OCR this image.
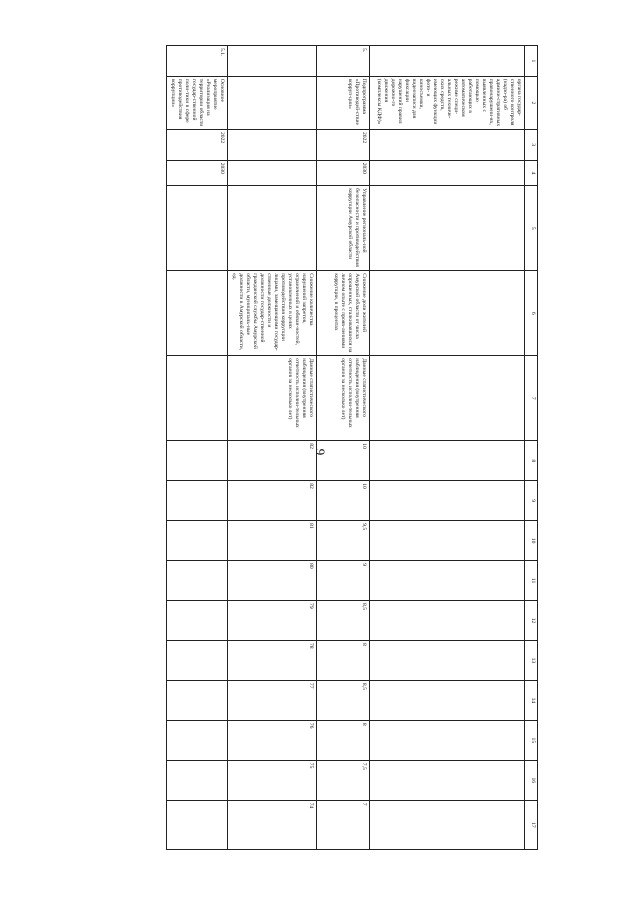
9
1	2	3	4	5	6	7	8	9	10	11	12	13	14	15	16	17
	органа государ-ственного контроля (надзо-ра) об админи-стративных правонарушени-ях, выявленных с помощью работающих в автоматическом режиме специ-альных техниче-ских средств, имеющих функции фото- и киносъемки, видеозаписи для фиксации нарушений правил дорожно-го движения (комплексы КДФ)»															
5.	Подпрограмма «Противодей-ствие корруп-ции»	2022	2030	Управление региональ-ной безопасности и противодействия коррупции Амурской области	Снижение доли жителей Амурской области от числа опрошенных, сталкивавшихся на личном опыте с прояв-лениями коррупции, в процентах	Данные статистического наблюдения (внутренняя отчетность исполни-тельных органов за несколько лет)	10	10	9,5	9	8,5	8	8,5	8	7,5	7
					Снижение количества нарушений запретов, ограничений и обязан-ностей, установленных в целях противодействия коррупции лицами, замещающими государ-ственные должности и должности государ-ственной гражданской службы Амурской области, муниципаль-ные должности в Амурской области, ед.	Данные статистического наблюдения (внутренняя отчетность исполни-тельных органов за несколько лет)	82	82	81	80	79	78	77	76	75	74
5.1.	Основное мероприятие «Реализация на территории области государ-ственной поли-тики в сфере противодействия коррупции»	2022	2030													
